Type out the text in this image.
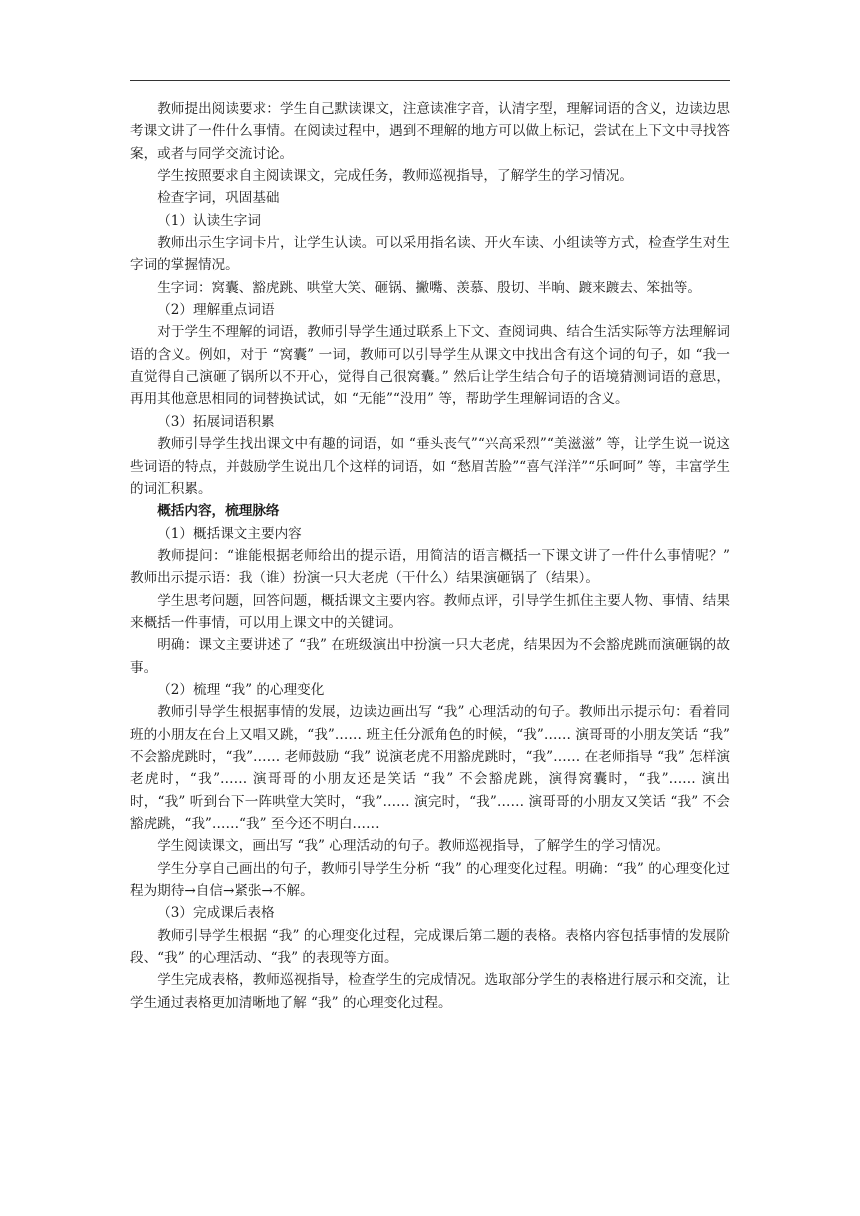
教师提出阅读要求：学生自己默读课文，注意读准字音，认清字型，理解词语的含义，边读边思考课文讲了一件什么事情。在阅读过程中，遇到不理解的地方可以做上标记，尝试在上下文中寻找答案，或者与同学交流讨论。

学生按照要求自主阅读课文，完成任务，教师巡视指导，了解学生的学习情况。

检查字词，巩固基础

（1）认读生字词

教师出示生字词卡片，让学生认读。可以采用指名读、开火车读、小组读等方式，检查学生对生字词的掌握情况。

生字词：窝囊、豁虎跳、哄堂大笑、砸锅、撇嘴、羡慕、殷切、半晌、踱来踱去、笨拙等。

（2）理解重点词语

对于学生不理解的词语，教师引导学生通过联系上下文、查阅词典、结合生活实际等方法理解词语的含义。例如，对于 “窝囊” 一词，教师可以引导学生从课文中找出含有这个词的句子，如 “我一直觉得自己演砸了锅所以不开心，觉得自己很窝囊。” 然后让学生结合句子的语境猜测词语的意思，再用其他意思相同的词替换试试，如 “无能”“没用” 等，帮助学生理解词语的含义。

（3）拓展词语积累

教师引导学生找出课文中有趣的词语，如 “垂头丧气”“兴高采烈”“美滋滋” 等，让学生说一说这些词语的特点，并鼓励学生说出几个这样的词语，如 “愁眉苦脸”“喜气洋洋”“乐呵呵” 等，丰富学生的词汇积累。

概括内容，梳理脉络

（1）概括课文主要内容

教师提问：“谁能根据老师给出的提示语，用简洁的语言概括一下课文讲了一件什么事情呢？” 教师出示提示语：我（谁）扮演一只大老虎（干什么）结果演砸锅了（结果）。

学生思考问题，回答问题，概括课文主要内容。教师点评，引导学生抓住主要人物、事情、结果来概括一件事情，可以用上课文中的关键词。

明确：课文主要讲述了 “我” 在班级演出中扮演一只大老虎，结果因为不会豁虎跳而演砸锅的故事。

（2）梳理 “我” 的心理变化

教师引导学生根据事情的发展，边读边画出写 “我” 心理活动的句子。教师出示提示句：看着同班的小朋友在台上又唱又跳，“我”…… 班主任分派角色的时候，“我”…… 演哥哥的小朋友笑话 “我” 不会豁虎跳时，“我”…… 老师鼓励 “我” 说演老虎不用豁虎跳时，“我”…… 在老师指导 “我” 怎样演老虎时，“我”…… 演哥哥的小朋友还是笑话 “我” 不会豁虎跳，演得窝囊时，“我”…… 演出时，“我” 听到台下一阵哄堂大笑时，“我”…… 演完时，“我”…… 演哥哥的小朋友又笑话 “我” 不会豁虎跳，“我”……“我” 至今还不明白……

学生阅读课文，画出写 “我” 心理活动的句子。教师巡视指导，了解学生的学习情况。

学生分享自己画出的句子，教师引导学生分析 “我” 的心理变化过程。明确：“我” 的心理变化过程为期待→自信→紧张→不解。

（3）完成课后表格

教师引导学生根据 “我” 的心理变化过程，完成课后第二题的表格。表格内容包括事情的发展阶段、“我” 的心理活动、“我” 的表现等方面。

学生完成表格，教师巡视指导，检查学生的完成情况。选取部分学生的表格进行展示和交流，让学生通过表格更加清晰地了解 “我” 的心理变化过程。
